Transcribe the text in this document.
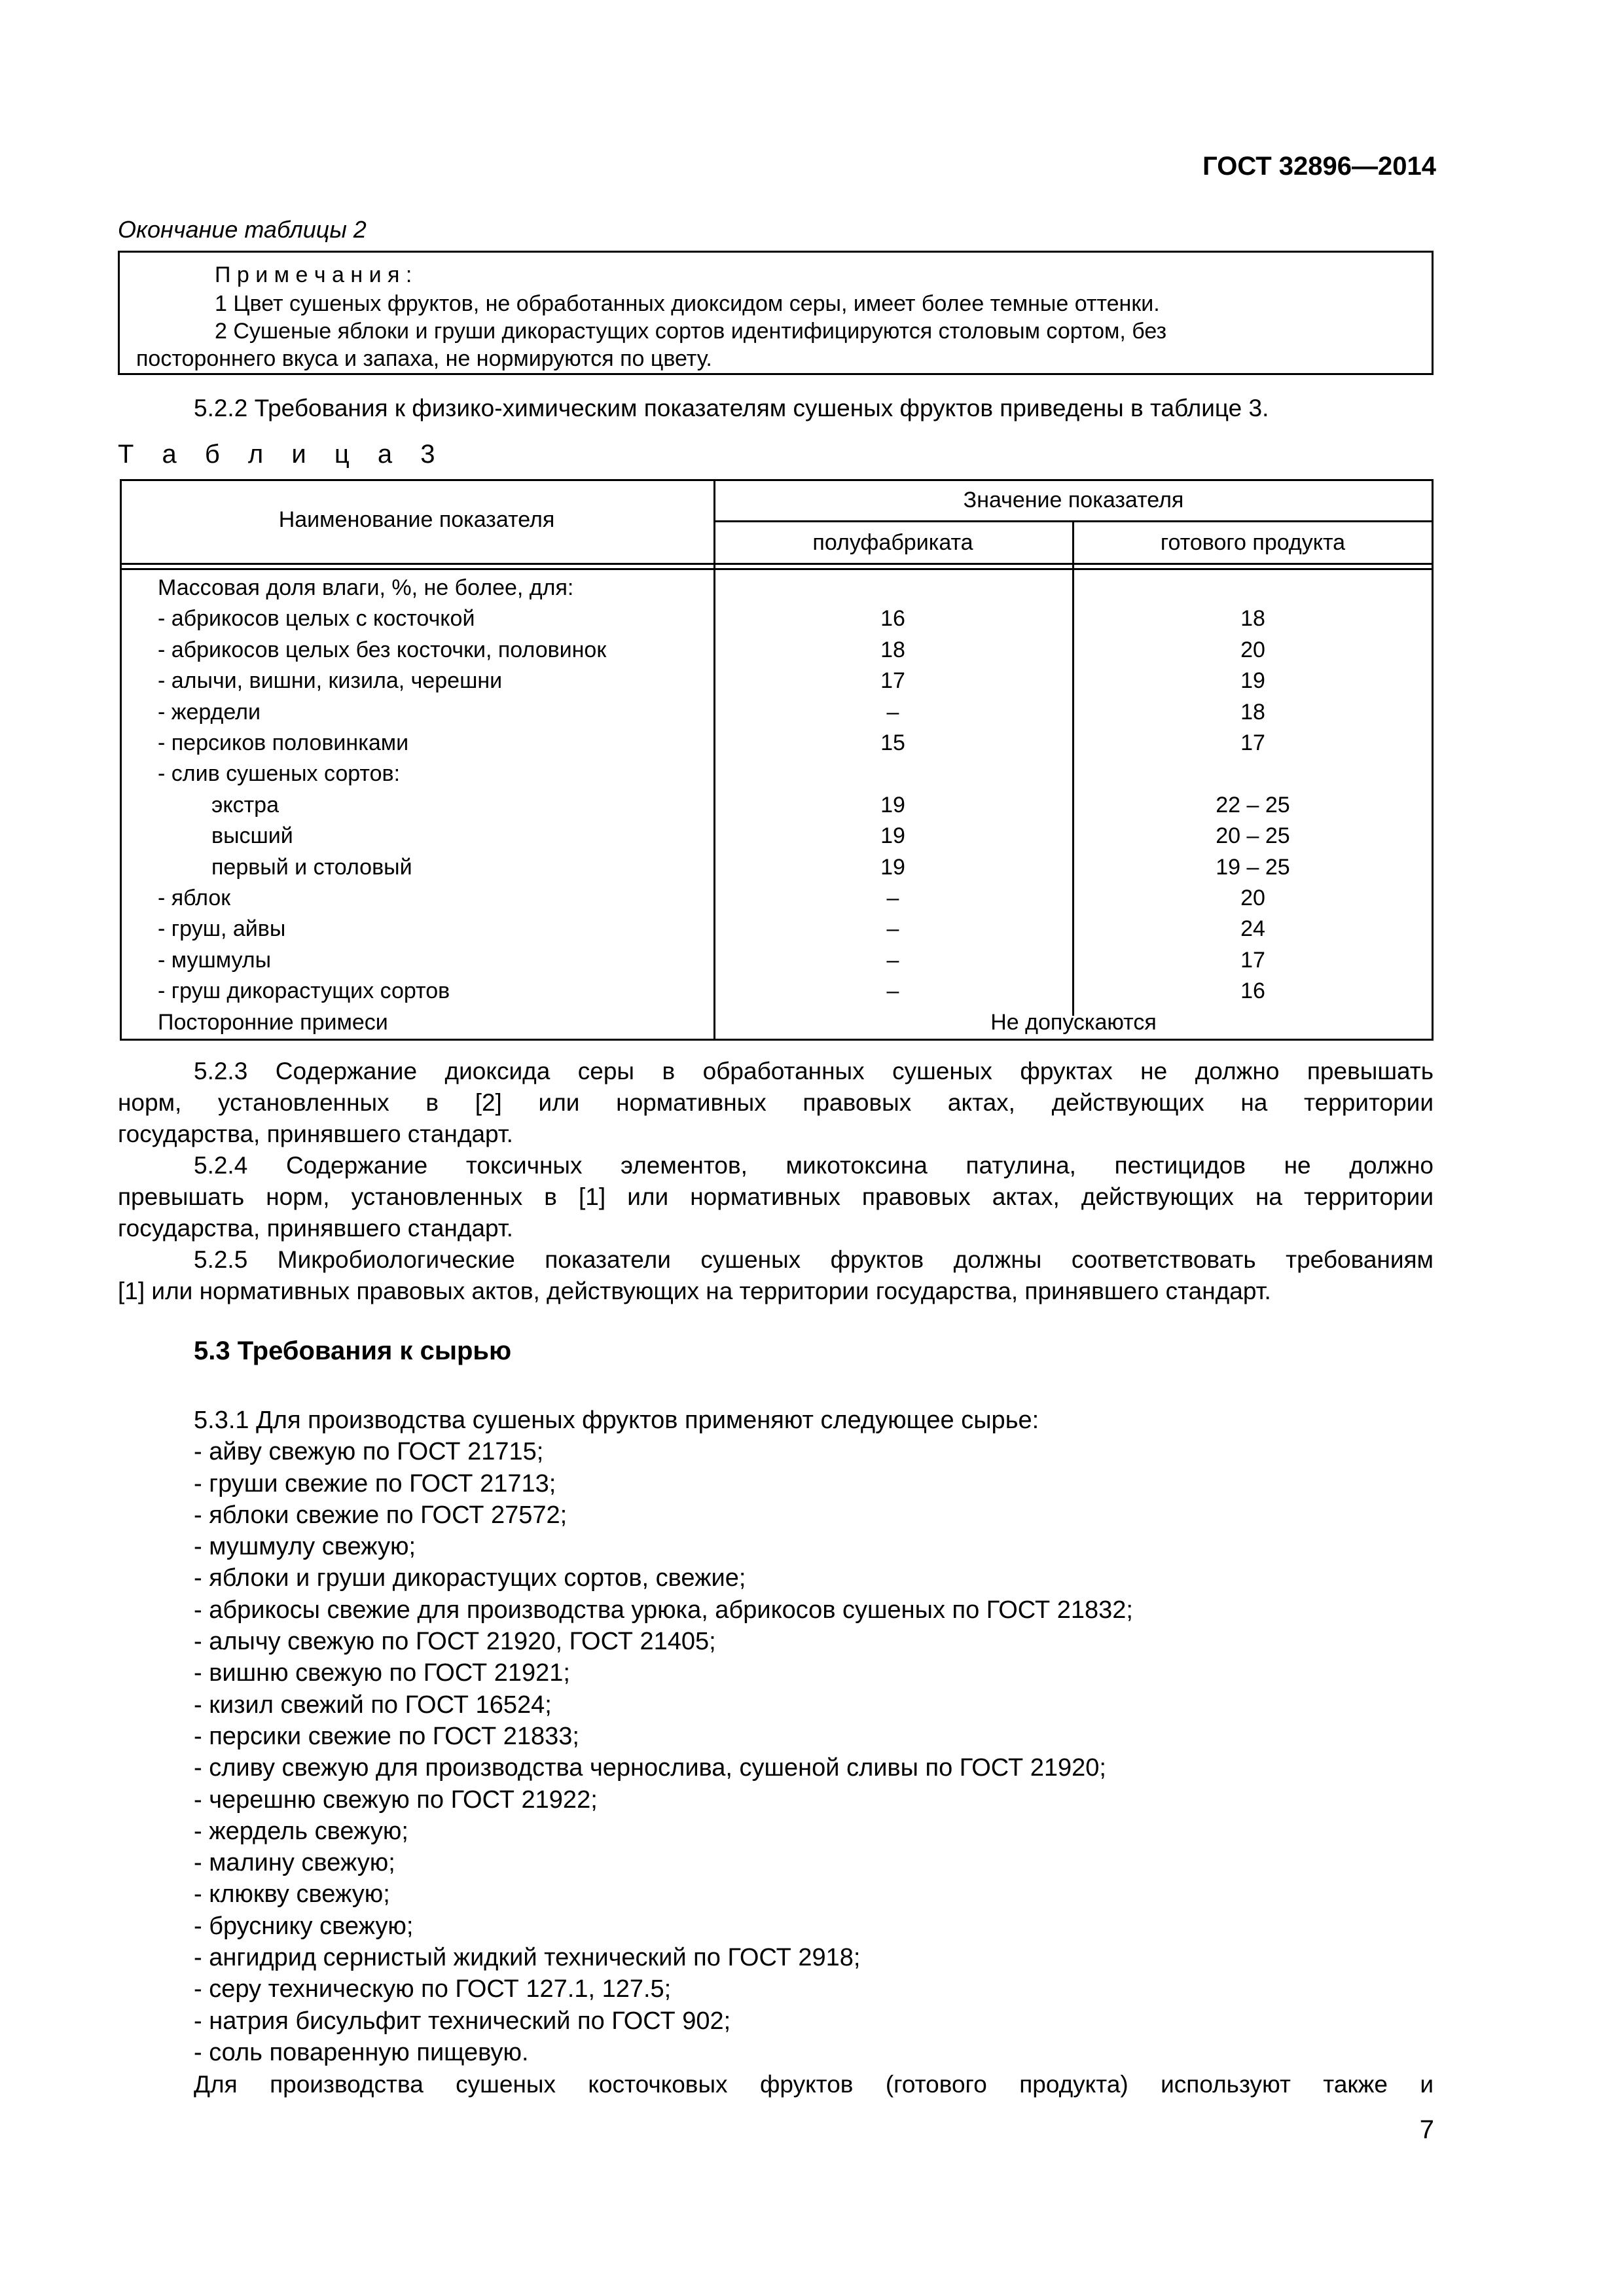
ГОСТ 32896—2014
Окончание таблицы 2
П р и м е ч а н и я :
1 Цвет сушеных фруктов, не обработанных диоксидом серы, имеет более темные оттенки.
2 Сушеные яблоки и груши дикорастущих сортов идентифицируются столовым сортом, без
постороннего вкуса и запаха, не нормируются по цвету.
5.2.2 Требования к физико-химическим показателям сушеных фруктов приведены в таблице 3.
Т а б л и ц а 3
Наименование показателя
Значение показателя
полуфабриката	готового продукта
Массовая доля влаги, %, не более, для:
- абрикосов целых с косточкой	16	18
- абрикосов целых без косточки, половинок	18	20
- алычи, вишни, кизила, черешни	17	19
- жердели	–	18
- персиков половинками	15	17
- слив сушеных сортов:
экстра	19	22 – 25
высший	19	20 – 25
первый и столовый	19	19 – 25
- яблок	–	20
- груш, айвы	–	24
- мушмулы	–	17
- груш дикорастущих сортов	–	16
Посторонние примеси	Не допускаются
5.2.3 Содержание диоксида серы в обработанных сушеных фруктах не должно превышать
норм, установленных в [2] или нормативных правовых актах, действующих на территории
государства, принявшего стандарт.
5.2.4 Содержание токсичных элементов, микотоксина патулина, пестицидов не должно
превышать норм, установленных в [1] или нормативных правовых актах, действующих на территории
государства, принявшего стандарт.
5.2.5 Микробиологические показатели сушеных фруктов должны соответствовать требованиям
[1] или нормативных правовых актов, действующих на территории государства, принявшего стандарт.
5.3 Требования к сырью
5.3.1 Для производства сушеных фруктов применяют следующее сырье:
- айву свежую по ГОСТ 21715;
- груши свежие по ГОСТ 21713;
- яблоки свежие по ГОСТ 27572;
- мушмулу свежую;
- яблоки и груши дикорастущих сортов, свежие;
- абрикосы свежие для производства урюка, абрикосов сушеных по ГОСТ 21832;
- алычу свежую по ГОСТ 21920, ГОСТ 21405;
- вишню свежую по ГОСТ 21921;
- кизил свежий по ГОСТ 16524;
- персики свежие по ГОСТ 21833;
- сливу свежую для производства чернослива, сушеной сливы по ГОСТ 21920;
- черешню свежую по ГОСТ 21922;
- жердель свежую;
- малину свежую;
- клюкву свежую;
- бруснику свежую;
- ангидрид сернистый жидкий технический по ГОСТ 2918;
- серу техническую по ГОСТ 127.1, 127.5;
- натрия бисульфит технический по ГОСТ 902;
- соль поваренную пищевую.
Для производства сушеных косточковых фруктов (готового продукта) используют также и
7
